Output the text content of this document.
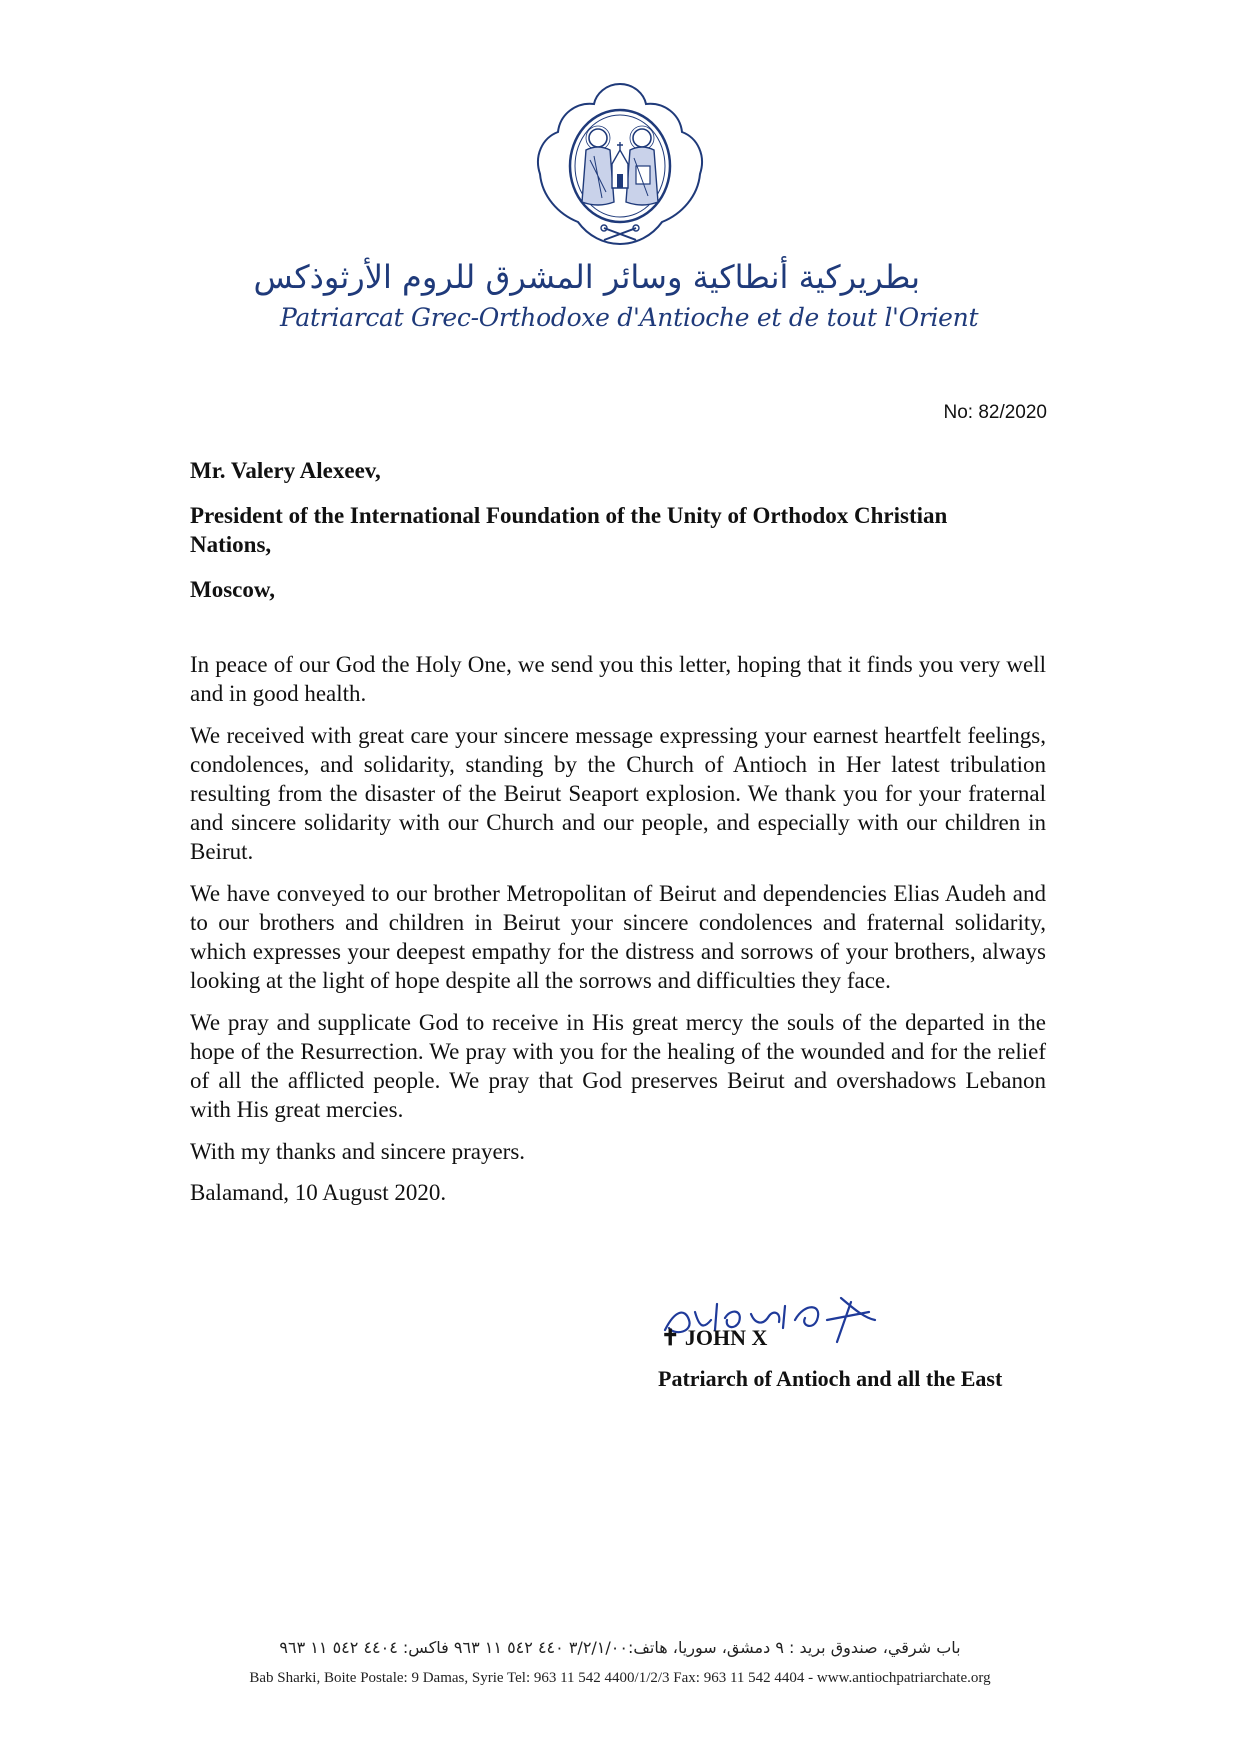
بطريركية أنطاكية وسائر المشرق للروم الأرثوذكس
Patriarcat Grec-Orthodoxe d'Antioche et de tout l'Orient
No: 82/2020

Mr. Valery Alexeev,

President of the International Foundation of the Unity of Orthodox Christian Nations,

Moscow,

In peace of our God the Holy One, we send you this letter, hoping that it finds you very well and in good health.

We received with great care your sincere message expressing your earnest heartfelt feelings, condolences, and solidarity, standing by the Church of Antioch in Her latest tribulation resulting from the disaster of the Beirut Seaport explosion. We thank you for your fraternal and sincere solidarity with our Church and our people, and especially with our children in Beirut.

We have conveyed to our brother Metropolitan of Beirut and dependencies Elias Audeh and to our brothers and children in Beirut your sincere condolences and fraternal solidarity, which expresses your deepest empathy for the distress and sorrows of your brothers, always looking at the light of hope despite all the sorrows and difficulties they face.

We pray and supplicate God to receive in His great mercy the souls of the departed in the hope of the Resurrection. We pray with you for the healing of the wounded and for the relief of all the afflicted people. We pray that God preserves Beirut and overshadows Lebanon with His great mercies.

With my thanks and sincere prayers.

Balamand, 10 August 2020.

✝ JOHN X
Patriarch of Antioch and all the East
باب شرقي، صندوق بريد : ٩ دمشق، سوريا، هاتف:٣/٢/١/٠٠ ٤٤٠ ٥٤٢ ١١ ٩٦٣ فاكس: ٤٤٠٤ ٥٤٢ ١١ ٩٦٣
Bab Sharki, Boite Postale: 9 Damas, Syrie Tel: 963 11 542 4400/1/2/3 Fax: 963 11 542 4404 - www.antiochpatriarchate.org
